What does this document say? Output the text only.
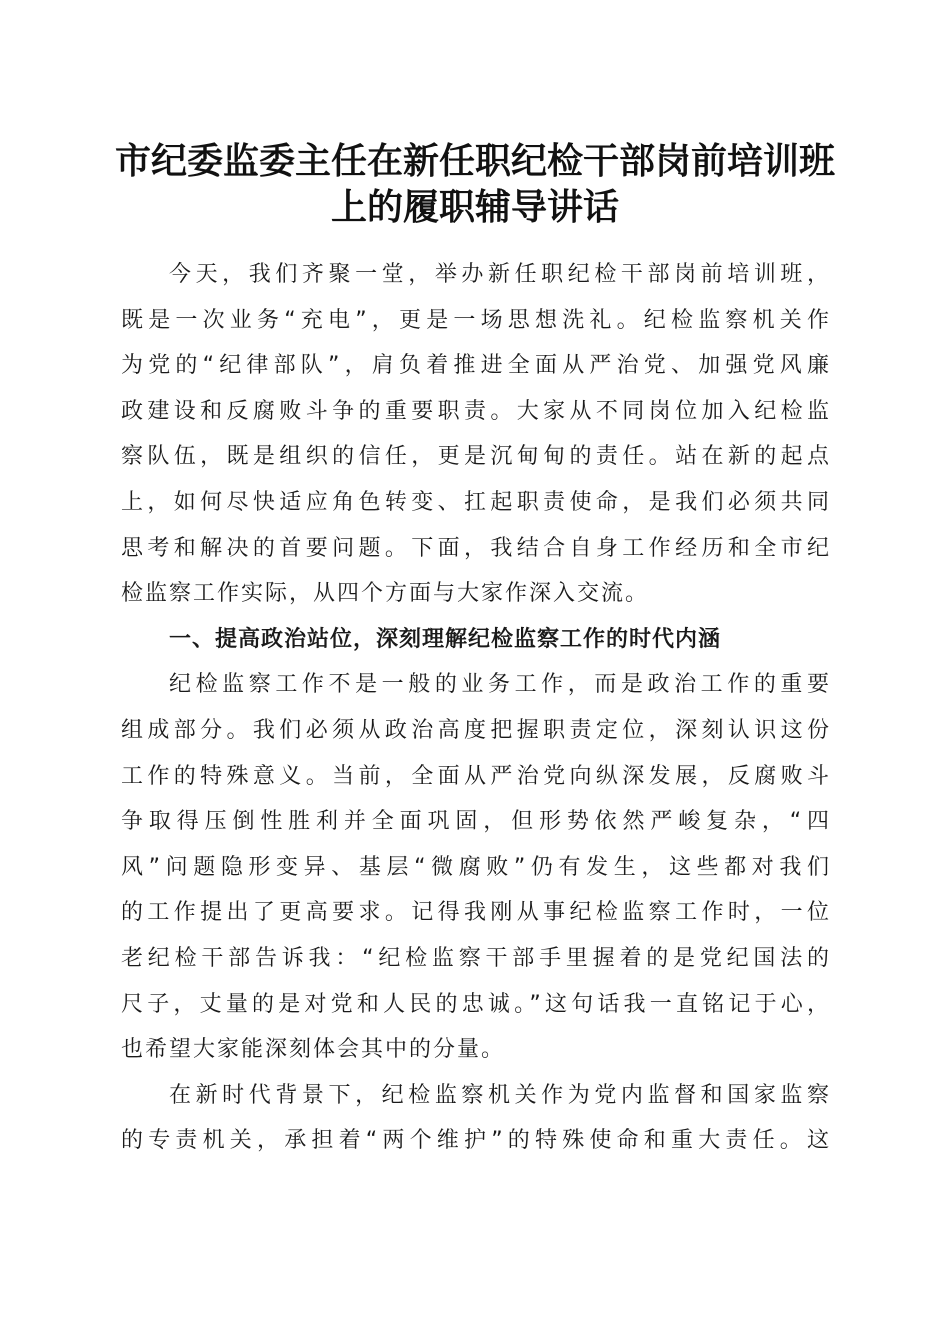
市纪委监委主任在新任职纪检干部岗前培训班
上的履职辅导讲话
今天，我们齐聚一堂，举办新任职纪检干部岗前培训班，
既是一次业务“充电”，更是一场思想洗礼。纪检监察机关作
为党的“纪律部队”，肩负着推进全面从严治党、加强党风廉
政建设和反腐败斗争的重要职责。大家从不同岗位加入纪检监
察队伍，既是组织的信任，更是沉甸甸的责任。站在新的起点
上，如何尽快适应角色转变、扛起职责使命，是我们必须共同
思考和解决的首要问题。下面，我结合自身工作经历和全市纪
检监察工作实际，从四个方面与大家作深入交流。
一、提高政治站位，深刻理解纪检监察工作的时代内涵
纪检监察工作不是一般的业务工作，而是政治工作的重要
组成部分。我们必须从政治高度把握职责定位，深刻认识这份
工作的特殊意义。当前，全面从严治党向纵深发展，反腐败斗
争取得压倒性胜利并全面巩固，但形势依然严峻复杂，“四
风”问题隐形变异、基层“微腐败”仍有发生，这些都对我们
的工作提出了更高要求。记得我刚从事纪检监察工作时，一位
老纪检干部告诉我：“纪检监察干部手里握着的是党纪国法的
尺子，丈量的是对党和人民的忠诚。”这句话我一直铭记于心，
也希望大家能深刻体会其中的分量。
在新时代背景下，纪检监察机关作为党内监督和国家监察
的专责机关，承担着“两个维护”的特殊使命和重大责任。这
